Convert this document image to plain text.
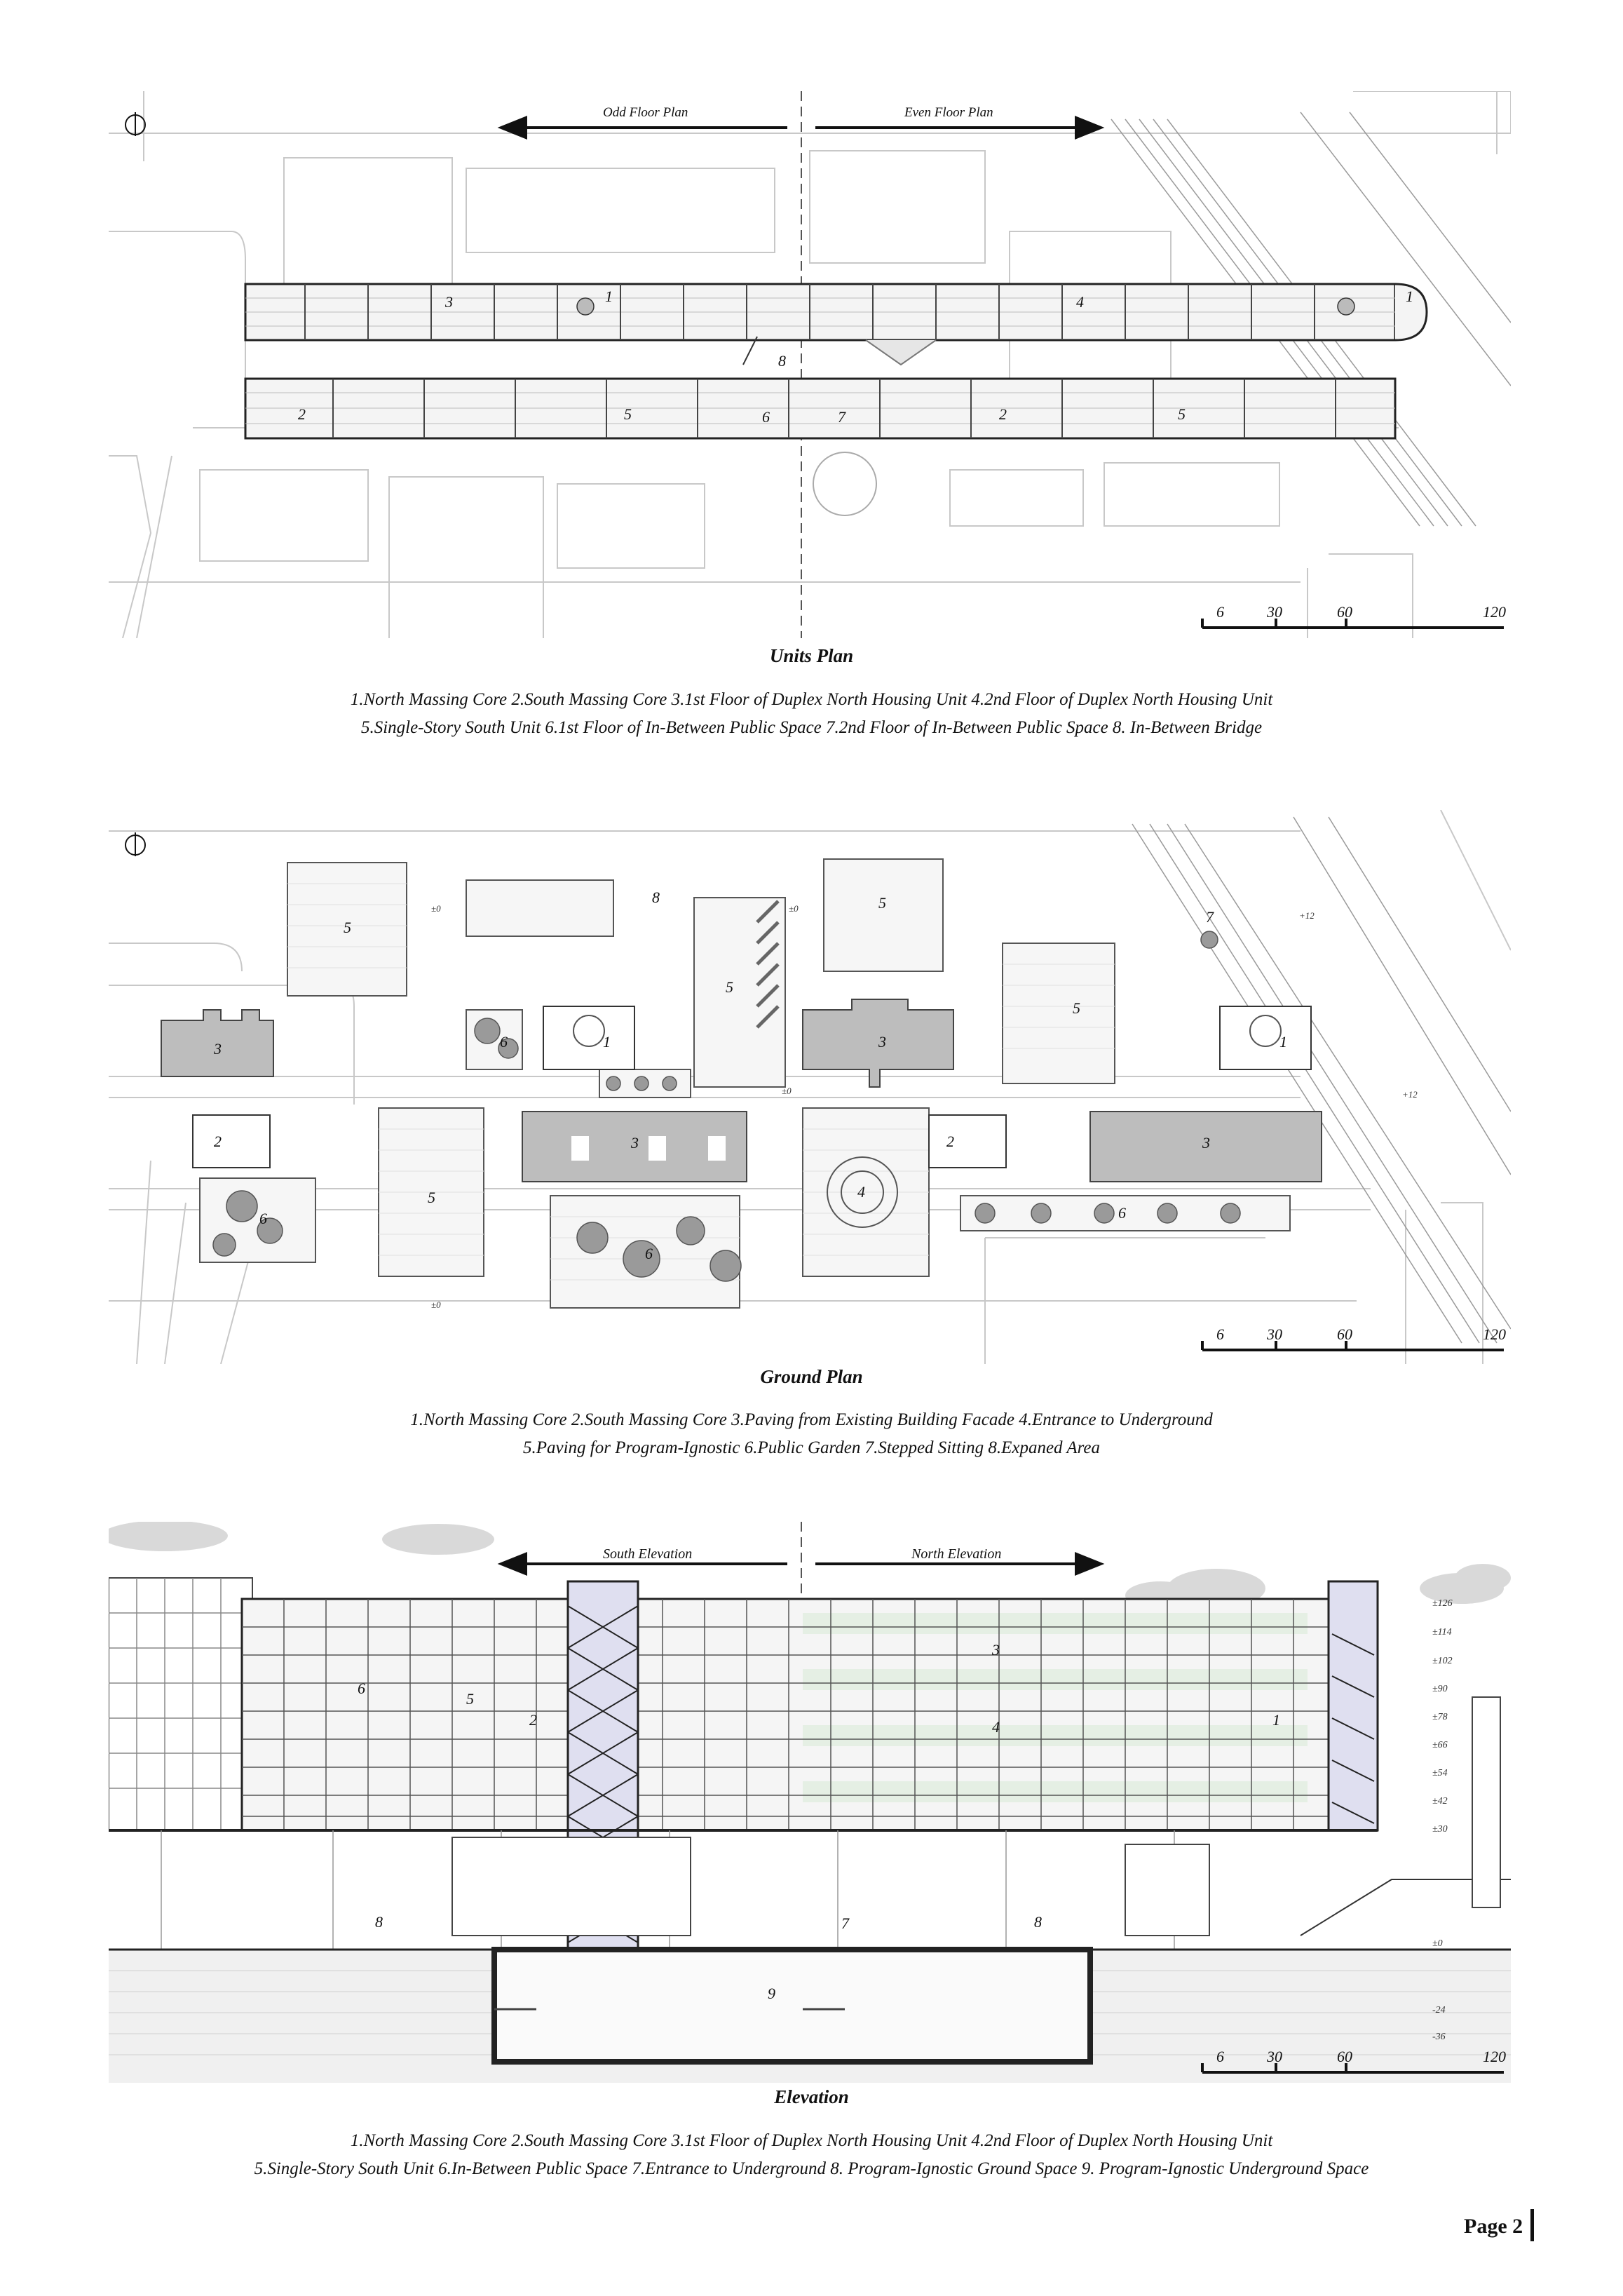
1	1
2	2
3	4
5	5
6	7
8
6	30	60	120
Odd Floor Plan	Even Floor Plan
Units Plan
1.North Massing Core 2.South Massing Core 3.1st Floor of Duplex North Housing Unit 4.2nd Floor of Duplex North Housing Unit
5.Single-Story South Unit 6.1st Floor of In-Between Public Space 7.2nd Floor of In-Between Public Space 8. In-Between Bridge
1	1
2	2
3	3
3	3
4
5
5
5
5
5
6
6
6
6
7
8
±0	±0
±0
±0
+12
+12
6	30	60	120
Ground Plan
1.North Massing Core 2.South Massing Core 3.Paving from Existing Building Facade 4.Entrance to Underground
5.Paving for Program-Ignostic 6.Public Garden 7.Stepped Sitting 8.Expaned Area
1
2
3
4
5
6
7
8	8
9
±126
±114
±102
±90
±78
±66
±54
±42
±30
±0
-24
-36
6	30	60	120
South Elevation	North Elevation
Elevation
1.North Massing Core 2.South Massing Core 3.1st Floor of Duplex North Housing Unit 4.2nd Floor of Duplex North Housing Unit
5.Single-Story South Unit 6.In-Between Public Space 7.Entrance to Underground 8. Program-Ignostic Ground Space 9. Program-Ignostic Underground Space
Page 2
